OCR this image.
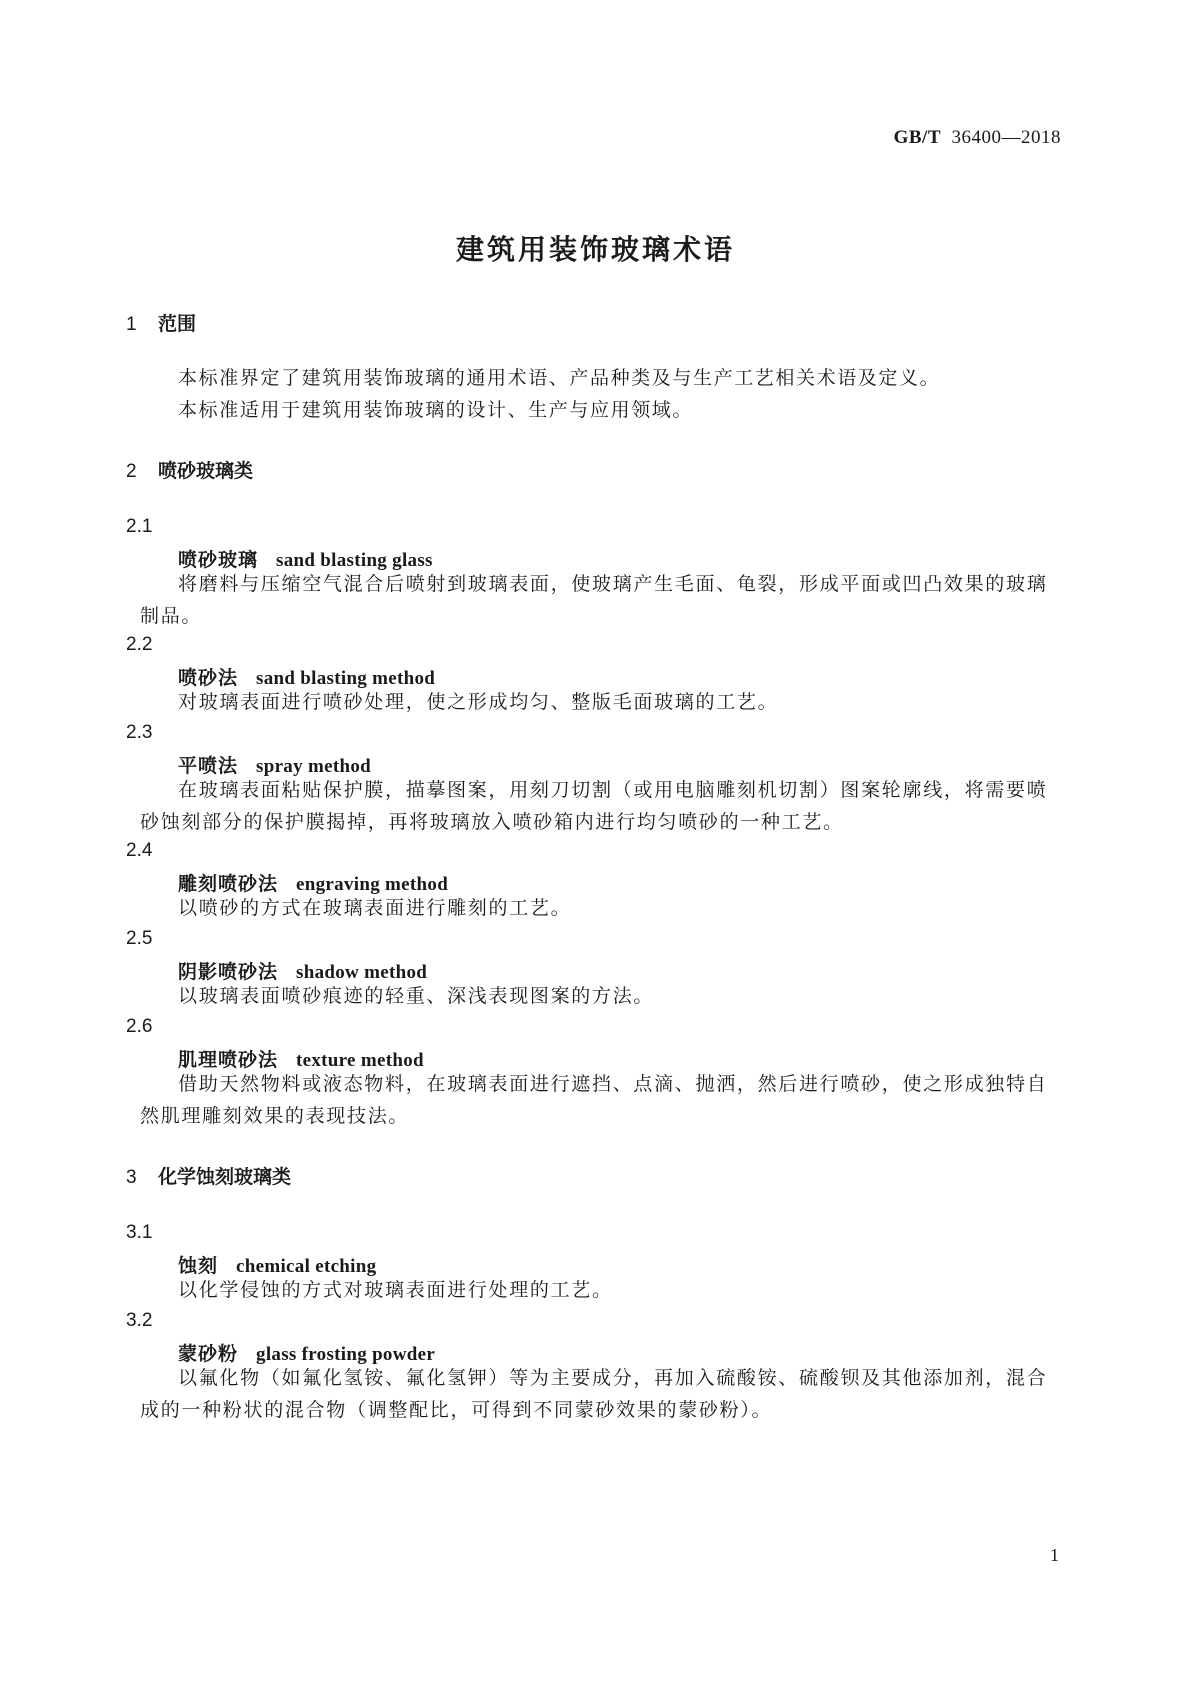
GB/T 36400—2018
建筑用装饰玻璃术语
1 范围
本标准界定了建筑用装饰玻璃的通用术语、产品种类及与生产工艺相关术语及定义。
本标准适用于建筑用装饰玻璃的设计、生产与应用领域。
2 喷砂玻璃类
2.1
喷砂玻璃 sand blasting glass
将磨料与压缩空气混合后喷射到玻璃表面，使玻璃产生毛面、龟裂，形成平面或凹凸效果的玻璃制品。
2.2
喷砂法 sand blasting method
对玻璃表面进行喷砂处理，使之形成均匀、整版毛面玻璃的工艺。
2.3
平喷法 spray method
在玻璃表面粘贴保护膜，描摹图案，用刻刀切割（或用电脑雕刻机切割）图案轮廓线，将需要喷砂蚀刻部分的保护膜揭掉，再将玻璃放入喷砂箱内进行均匀喷砂的一种工艺。
2.4
雕刻喷砂法 engraving method
以喷砂的方式在玻璃表面进行雕刻的工艺。
2.5
阴影喷砂法 shadow method
以玻璃表面喷砂痕迹的轻重、深浅表现图案的方法。
2.6
肌理喷砂法 texture method
借助天然物料或液态物料，在玻璃表面进行遮挡、点滴、抛洒，然后进行喷砂，使之形成独特自然肌理雕刻效果的表现技法。
3 化学蚀刻玻璃类
3.1
蚀刻 chemical etching
以化学侵蚀的方式对玻璃表面进行处理的工艺。
3.2
蒙砂粉 glass frosting powder
以氟化物（如氟化氢铵、氟化氢钾）等为主要成分，再加入硫酸铵、硫酸钡及其他添加剂，混合成的一种粉状的混合物（调整配比，可得到不同蒙砂效果的蒙砂粉）。
1
